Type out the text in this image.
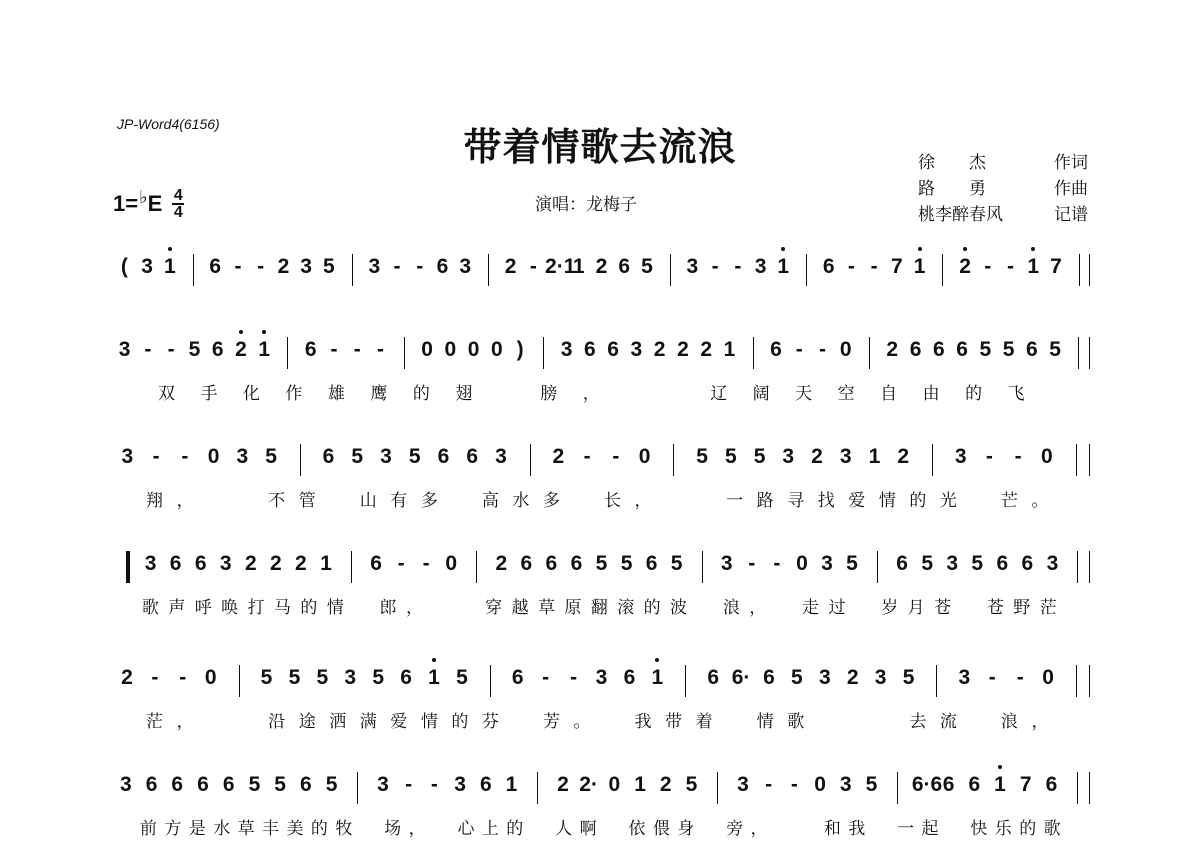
JP-Word4(6156)
带着情歌去流浪	徐　　杰	作词
路　　勇	作曲
桃李醉春风	记谱
1= ♭ E 4
4	演唱：龙梅子
( 3 1 6 - - 2 3 5 3 - - 6 3 2 - 2·1
1 2 6 5 3 - - 3 1 6 - - 7 1 2 - - 1 7
3 - - 5 6 2 1 6 - - -	0 0 0 0 )	3 6 6 3 2 2 2 1 6 - - 0 2 6 6 6 5 5 6 5
双 手 化 作 雄 鹰 的 翅
　	膀 ，

　	辽 阔 天 空 自 由 的 飞
3 -	- 0 3 5 6 5 3 5 6 6 3 2 -	- 0 5 5 5 3 2 3 1 2 3 -	- 0
翔 ，

　	不 管
　	山 有 多
　	高 水 多
　	长 ，

　	一 路 寻 找 爱 情 的 光
　	芒 。
3 6 6 3 2 2 2 1 6 - - 0 2 6 6 6 5 5 6 5 3 - - 0 3 5 6 5 3 5 6 6 3
歌 声 呼 唤 打 马 的 情
　 郎 ，

　	穿 越 草 原 翻 滚 的 波
　 浪 ，
　 走 过
　 岁 月 苍
　 苍 野 茫
2 - - 0 5 5 5 3 5 6 1 5 6 - - 3 6 1 6 6· 6 5 3 2 3 5 3 - - 0
茫 ，

　	沿 途 洒 满 爱 情 的 芬
　	芳 。
　	我 带 着
　	情 歌

　	去 流
　	浪 ，
3 6 6 6 6 5 5 6 5 3 - - 3 6 1 2 2· 0 1 2 5 3 - - 0 3 5 6·6 6 6 1 7 6
前 方 是 水 草 丰 美 的 牧
　 场 ，
　 心 上 的
　 人 啊
　 依 偎 身
　 旁 ，

　	和 我
　 一 起
　 快 乐 的 歌
